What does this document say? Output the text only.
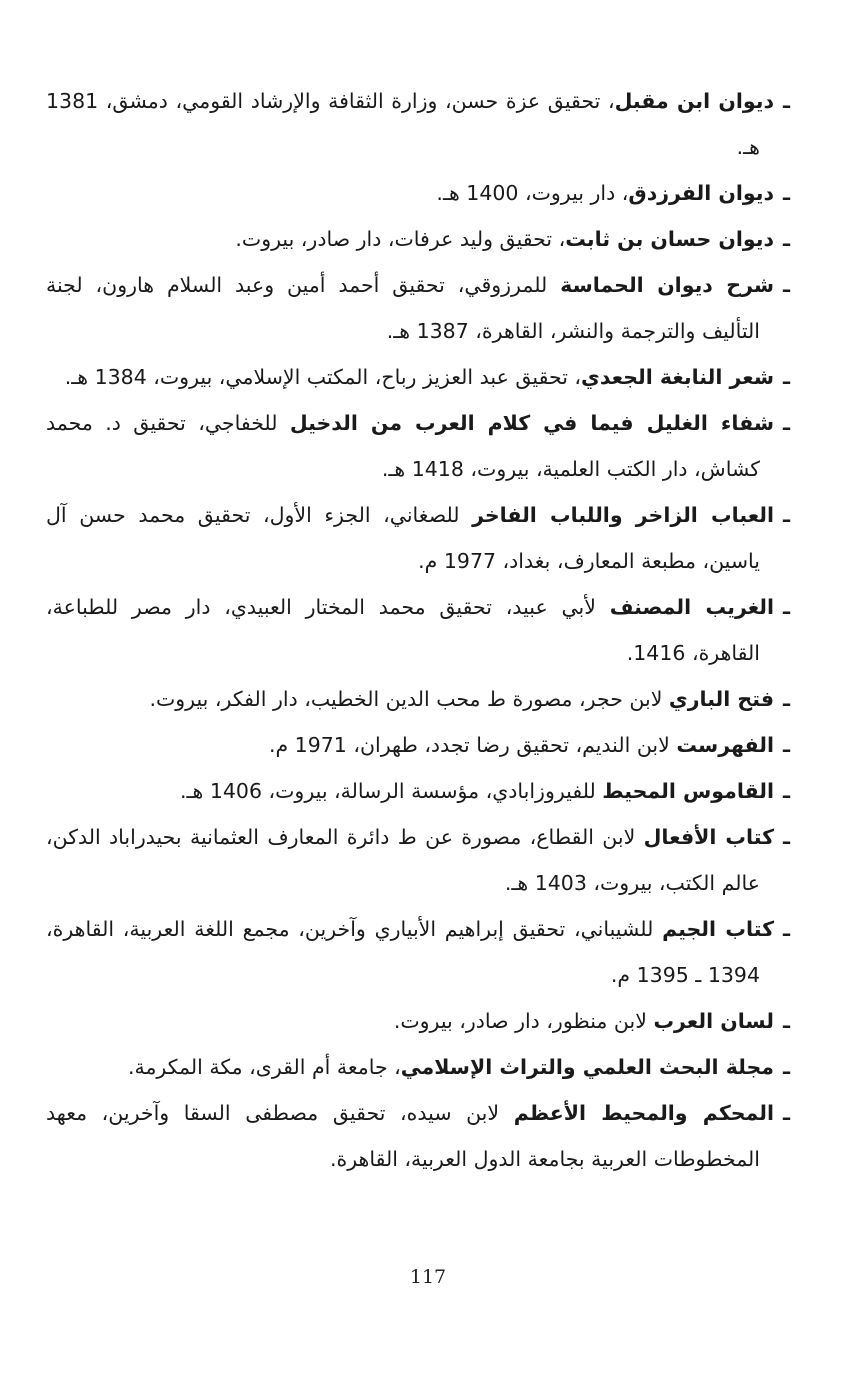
ـديوان ابن مقبل، تحقيق عزة حسن، وزارة الثقافة والإرشاد القومي، دمشق، 1381 هـ.

ـديوان الفرزدق، دار بيروت، 1400 هـ.

ـديوان حسان بن ثابت، تحقيق وليد عرفات، دار صادر، بيروت.

ـشرح ديوان الحماسة للمرزوقي، تحقيق أحمد أمين وعبد السلام هارون، لجنة التأليف والترجمة والنشر، القاهرة، 1387 هـ.

ـشعر النابغة الجعدي، تحقيق عبد العزيز رباح، المكتب الإسلامي، بيروت، 1384 هـ.

ـشفاء الغليل فيما في كلام العرب من الدخيل للخفاجي، تحقيق د. محمد كشاش، دار الكتب العلمية، بيروت، 1418 هـ.

ـالعباب الزاخر واللباب الفاخر للصغاني، الجزء الأول، تحقيق محمد حسن آل ياسين، مطبعة المعارف، بغداد، 1977 م.

ـالغريب المصنف لأبي عبيد، تحقيق محمد المختار العبيدي، دار مصر للطباعة، القاهرة، 1416.

ـفتح الباري لابن حجر، مصورة ط محب الدين الخطيب، دار الفكر، بيروت.

ـالفهرست لابن النديم، تحقيق رضا تجدد، طهران، 1971 م.

ـالقاموس المحيط للفيروزابادي، مؤسسة الرسالة، بيروت، 1406 هـ.

ـكتاب الأفعال لابن القطاع، مصورة عن ط دائرة المعارف العثمانية بحيدراباد الدكن، عالم الكتب، بيروت، 1403 هـ.

ـكتاب الجيم للشيباني، تحقيق إبراهيم الأبياري وآخرين، مجمع اللغة العربية، القاهرة، 1394 ـ 1395 م.

ـلسان العرب لابن منظور، دار صادر، بيروت.

ـمجلة البحث العلمي والتراث الإسلامي، جامعة أم القرى، مكة المكرمة.

ـالمحكم والمحيط الأعظم لابن سيده، تحقيق مصطفى السقا وآخرين، معهد المخطوطات العربية بجامعة الدول العربية، القاهرة.

117
